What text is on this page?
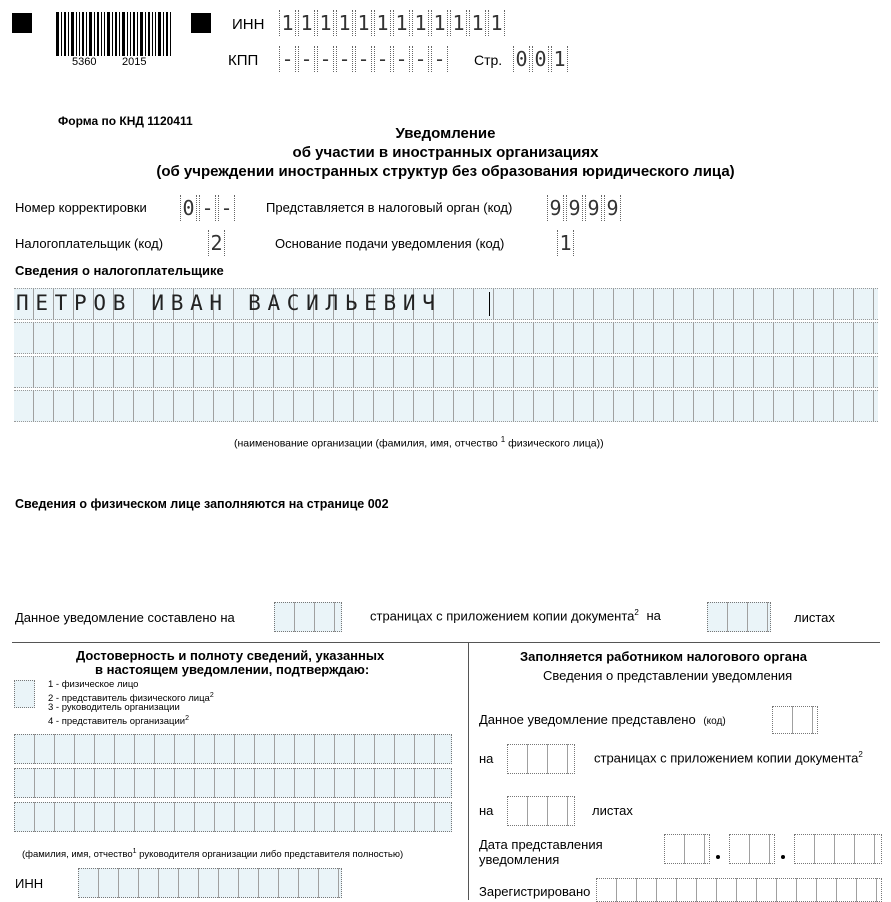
5360 2015
ИНН 1 1 1 1 1 1 1 1 1 1 1 1
КПП - - - - - - - - - Стр. 0 0 1
Форма по КНД 1120411
Уведомление
об участии в иностранных организациях
(об учреждении иностранных структур без образования юридического лица)
Номер корректировки 0 - -	Представляется в налоговый орган (код) 9 9 9 9
Налогоплательщик (код) 2	Основание подачи уведомления (код)	1
Сведения о налогоплательщике
ПЕТРОВ ИВАН ВАСИЛЬЕВИЧ
(наименование организации (фамилия, имя, отчество $^1$ физического лица))
Сведения о физическом лице заполняются на странице 002
Данное уведомление составлено на	страницах с приложением копии документа$^2$ на	листах
Достоверность и полноту сведений, указанных
в настоящем уведомлении, подтверждаю:
1 - физическое лицо
2 - представитель физического лица$^2$
3 - руководитель организации
4 - представитель организации$^2$
(фамилия, имя, отчество$^1$ руководителя организации либо представителя полностью)
ИНН
Заполняется работником налогового органа
Сведения о представлении уведомления
Данное уведомление представлено (код)
на	страницах с приложением копии документа$^2$
на	листах
Дата представления
уведомления
Зарегистрировано
